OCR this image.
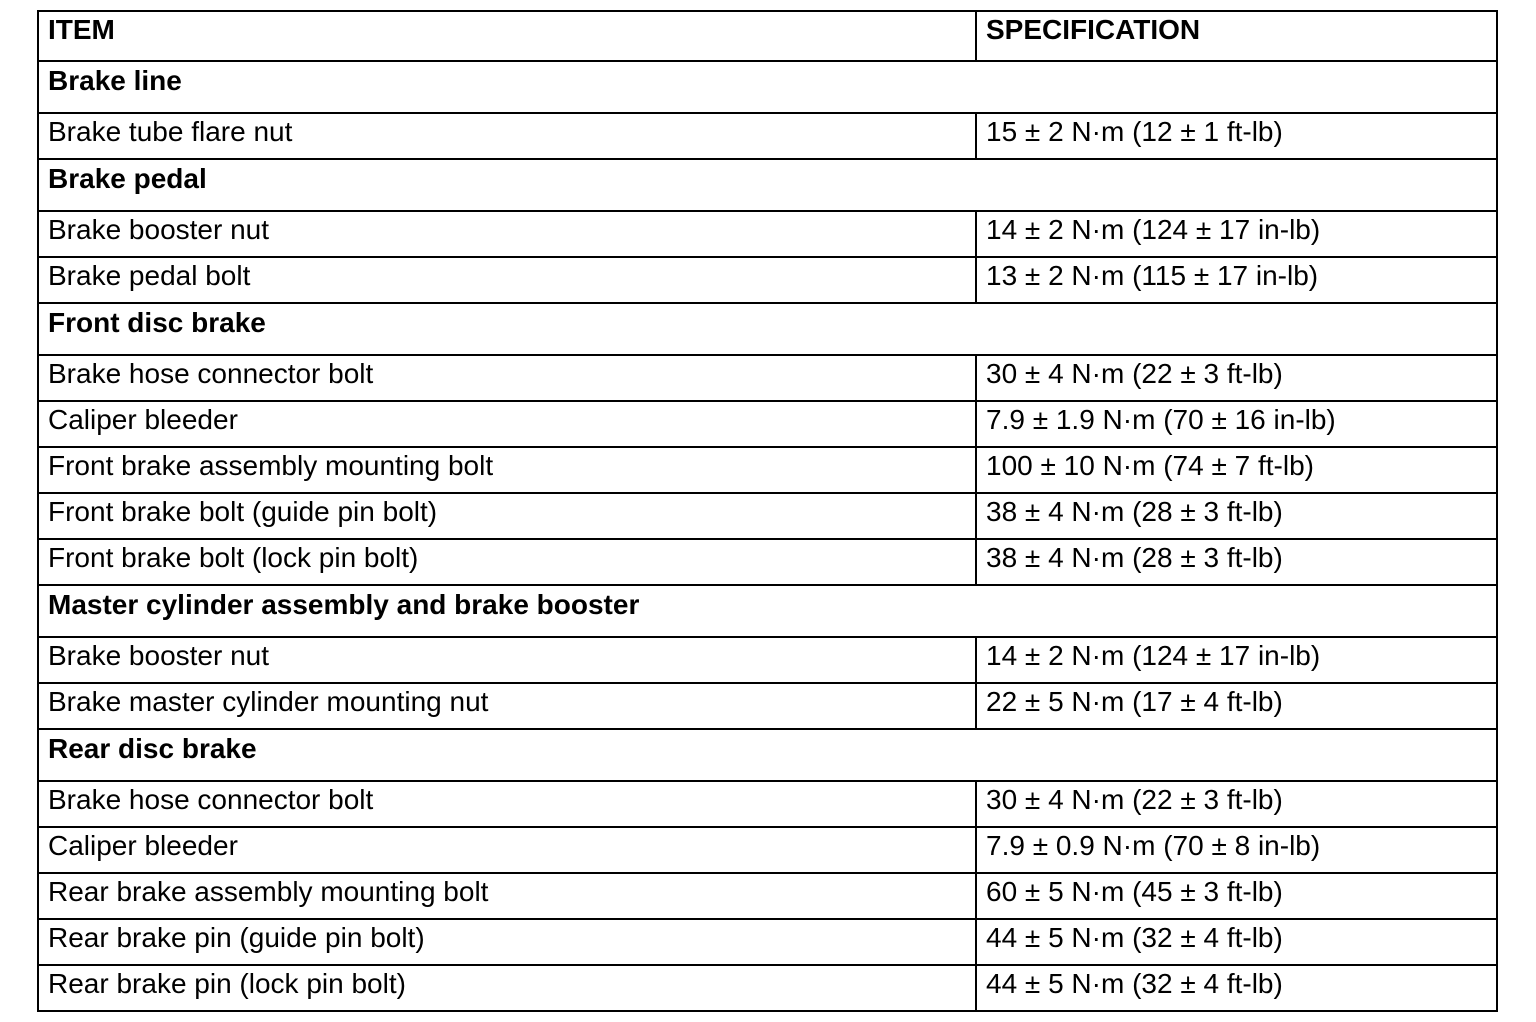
ITEM	SPECIFICATION
Brake line	
Brake tube flare nut	15 ± 2 N·m (12 ± 1 ft-lb)
Brake pedal	
Brake booster nut	14 ± 2 N·m (124 ± 17 in-lb)
Brake pedal bolt	13 ± 2 N·m (115 ± 17 in-lb)
Front disc brake	
Brake hose connector bolt	30 ± 4 N·m (22 ± 3 ft-lb)
Caliper bleeder	7.9 ± 1.9 N·m (70 ± 16 in-lb)
Front brake assembly mounting bolt	100 ± 10 N·m (74 ± 7 ft-lb)
Front brake bolt (guide pin bolt)	38 ± 4 N·m (28 ± 3 ft-lb)
Front brake bolt (lock pin bolt)	38 ± 4 N·m (28 ± 3 ft-lb)
Master cylinder assembly and brake booster	
Brake booster nut	14 ± 2 N·m (124 ± 17 in-lb)
Brake master cylinder mounting nut	22 ± 5 N·m (17 ± 4 ft-lb)
Rear disc brake	
Brake hose connector bolt	30 ± 4 N·m (22 ± 3 ft-lb)
Caliper bleeder	7.9 ± 0.9 N·m (70 ± 8 in-lb)
Rear brake assembly mounting bolt	60 ± 5 N·m (45 ± 3 ft-lb)
Rear brake pin (guide pin bolt)	44 ± 5 N·m (32 ± 4 ft-lb)
Rear brake pin (lock pin bolt)	44 ± 5 N·m (32 ± 4 ft-lb)
